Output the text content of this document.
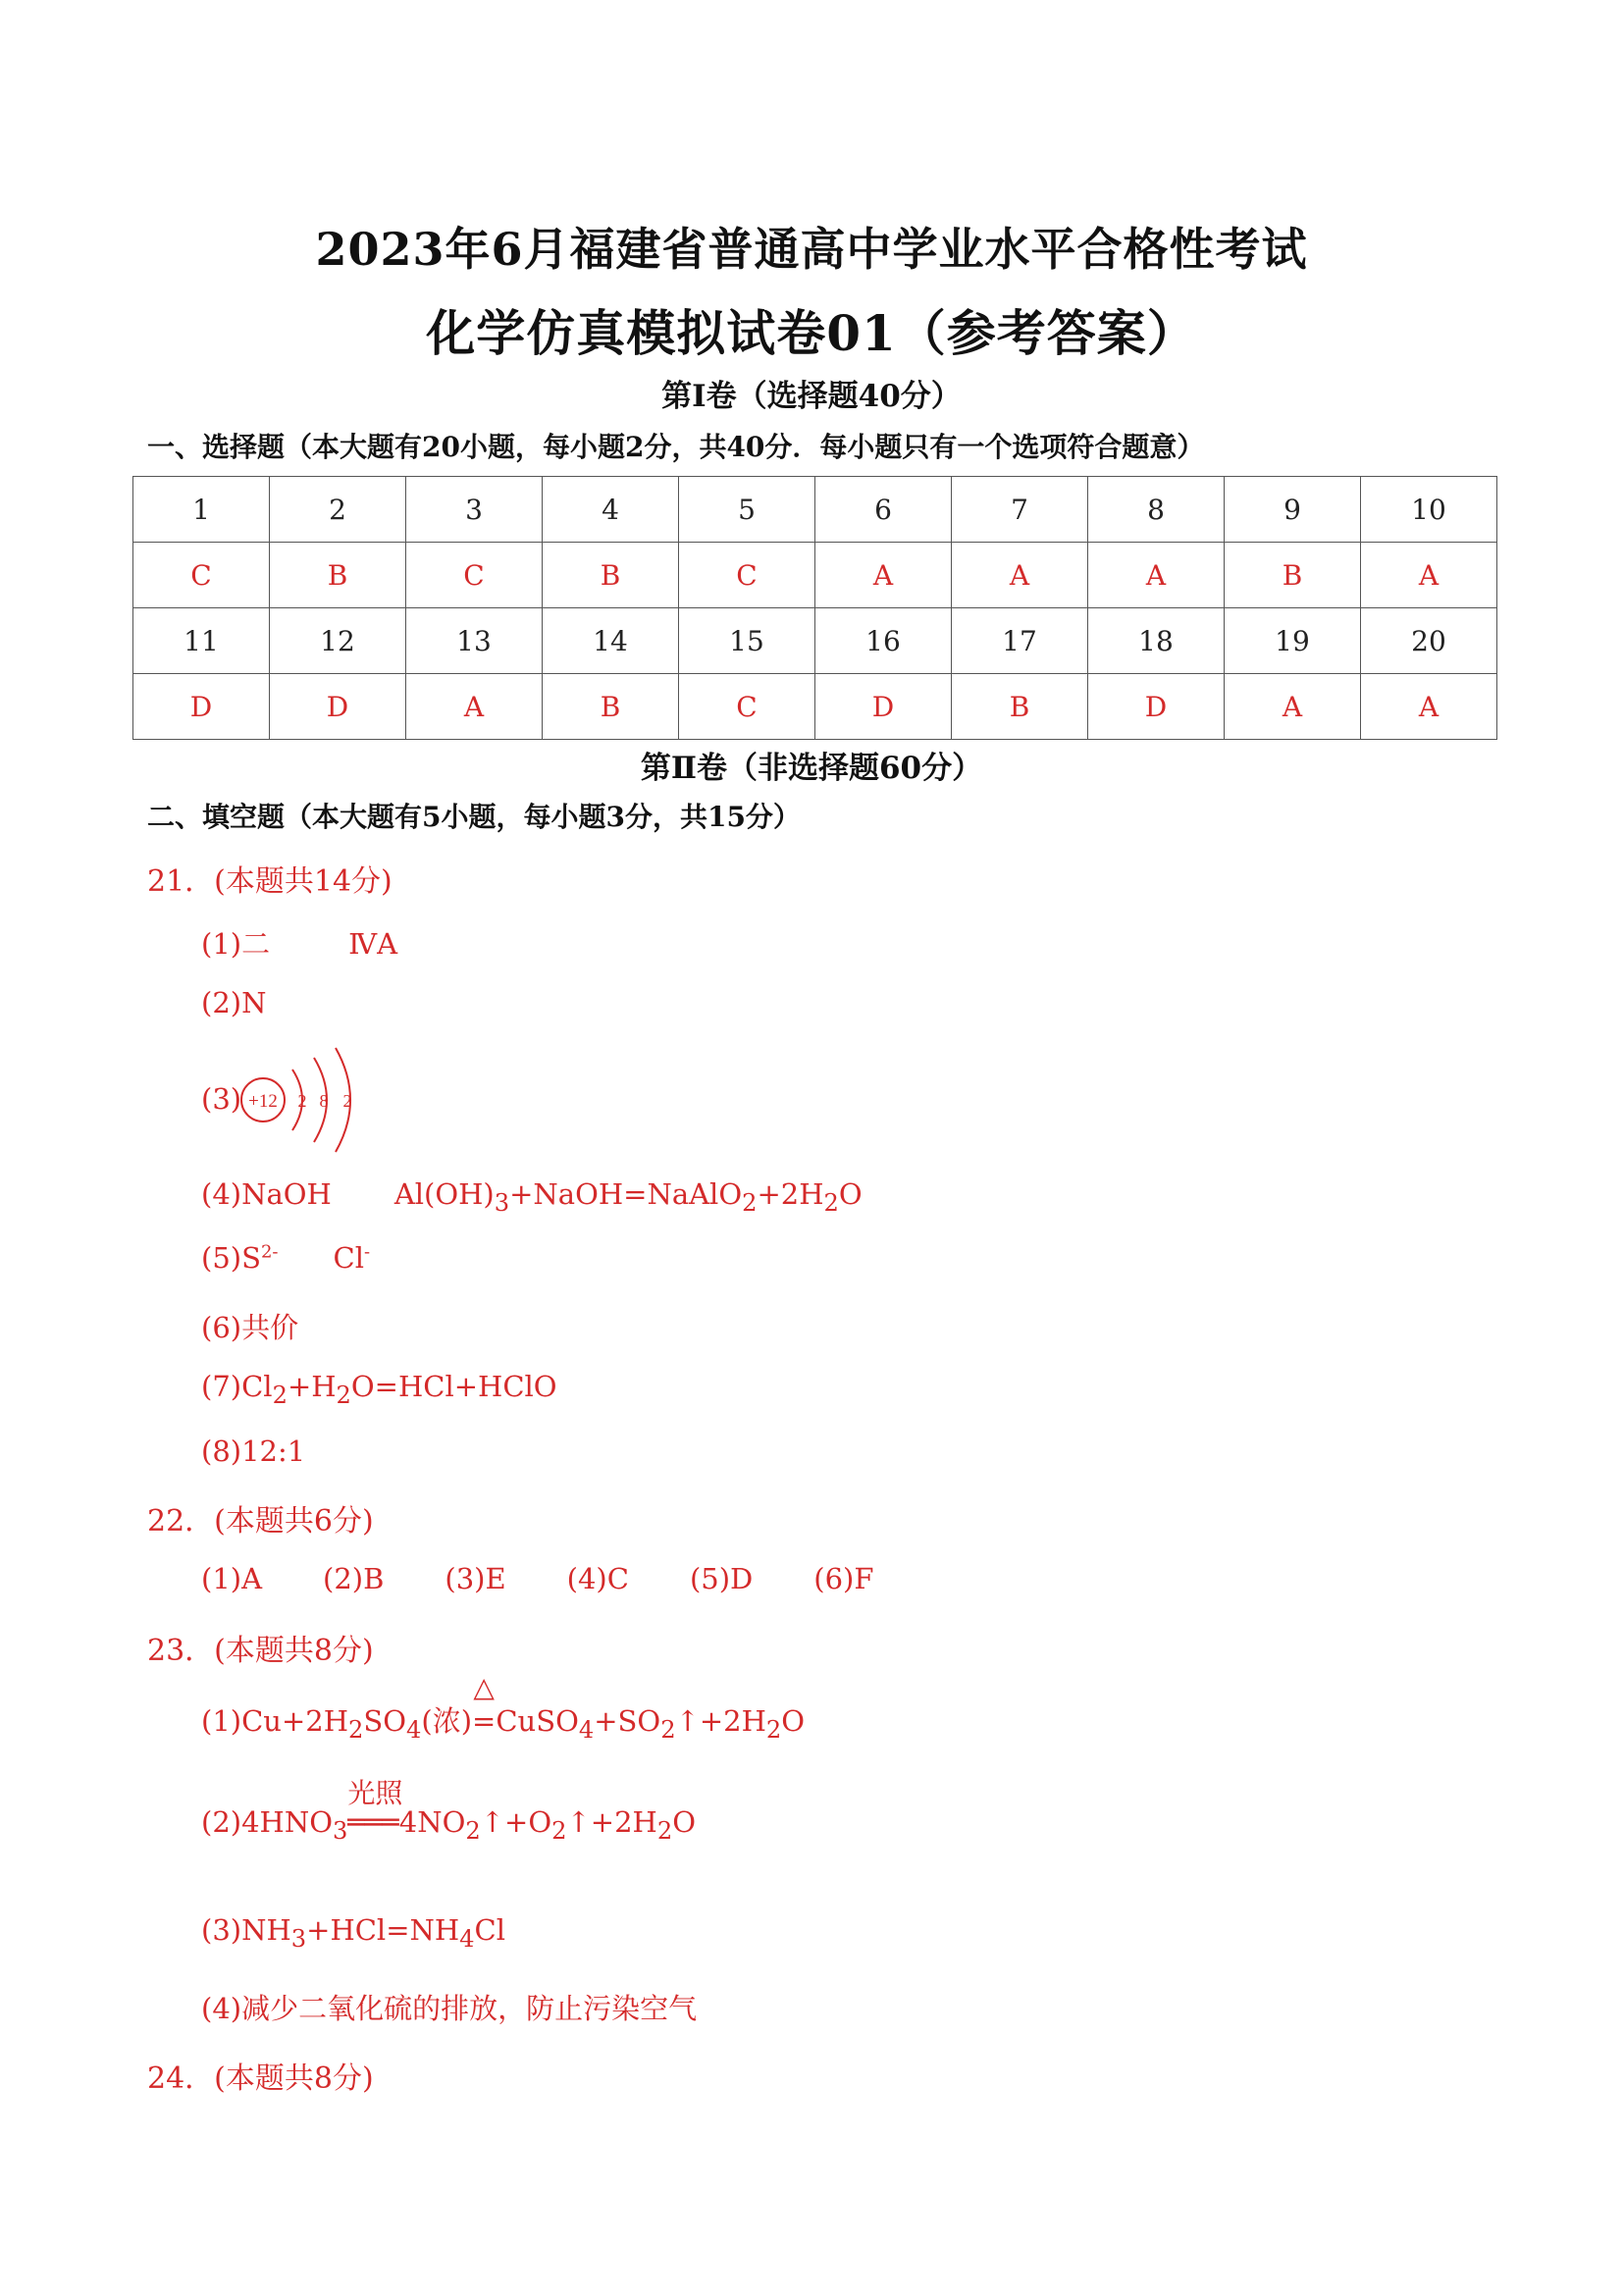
2023年6月福建省普通高中学业水平合格性考试
化学仿真模拟试卷01（参考答案）
第Ⅰ卷（选择题40分）
一、选择题（本大题有20小题，每小题2分，共40分．每小题只有一个选项符合题意）
1	2	3	4	5	6	7	8	9	10
C	B	C	B	C	A	A	A	B	A
11	12	13	14	15	16	17	18	19	20
D	D	A	B	C	D	B	D	A	A
第Ⅱ卷（非选择题60分）
二、填空题（本大题有5小题，每小题3分，共15分）
21．(本题共14分)
(1)二	ⅣA
(2)N
(3) +12 2 8 2
(4)NaOH $Al(OH)_3+NaOH=NaAlO_2+2H_2O$
$(5)S^{2-}$ Cl-
(6)共价
$(7)Cl_2+H_2O=HCl+HClO$
(8)12:1
22．(本题共6分)
(1)A (2)B (3)E (4)C (5)D (6)F
23．(本题共8分)
$(1)Cu+2H_2SO_4$(浓)
△
$=CuSO_4+SO_2↑+2H_2O$
$(2)4HNO_3$
光照
$═══4NO_2↑+O_2↑+2H_2O$
$(3)NH_3+HCl=NH_4Cl$
(4)减少二氧化硫的排放，防止污染空气
24．(本题共8分)
